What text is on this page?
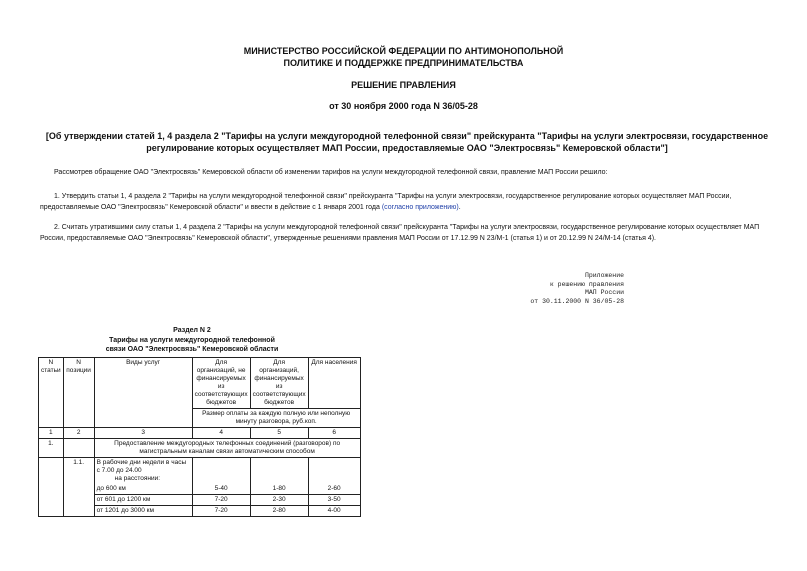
МИНИСТЕРСТВО РОССИЙСКОЙ ФЕДЕРАЦИИ ПО АНТИМОНОПОЛЬНОЙ
ПОЛИТИКЕ И ПОДДЕРЖКЕ ПРЕДПРИНИМАТЕЛЬСТВА
РЕШЕНИЕ ПРАВЛЕНИЯ
от 30 ноября 2000 года N 36/05-28
[Об утверждении статей 1, 4 раздела 2 "Тарифы на услуги междугородной телефонной связи" прейскуранта "Тарифы на услуги электросвязи, государственное
регулирование которых осуществляет МАП России, предоставляемые ОАО "Электросвязь" Кемеровской области"]
Рассмотрев обращение ОАО "Электросвязь" Кемеровской области об изменении тарифов на услуги междугородной телефонной связи, правление МАП России решило:
1. Утвердить статьи 1, 4 раздела 2 "Тарифы на услуги междугородной телефонной связи" прейскуранта "Тарифы на услуги электросвязи, государственное регулирование которых осуществляет МАП России, предоставляемые ОАО "Электросвязь" Кемеровской области" и ввести в действие с 1 января 2001 года (согласно приложению).
2. Считать утратившими силу статьи 1, 4 раздела 2 "Тарифы на услуги междугородной телефонной связи" прейскуранта "Тарифы на услуги электросвязи, государственное регулирование которых осуществляет МАП России, предоставляемые ОАО "Электросвязь" Кемеровской области", утвержденные решениями правления МАП России от 17.12.99 N 23/М-1 (статья 1) и от 20.12.99 N 24/М-14 (статья 4).
Приложение
к решению правления
МАП России
от 30.11.2000 N 36/05-28
Раздел N 2
Тарифы на услуги междугородной телефонной
связи ОАО "Электросвязь" Кемеровской области
N статьи	N позиции	Виды услуг	Для организаций, не финансируемых из соответствующих бюджетов	Для организаций, финансируемых из соответствующих бюджетов	Для населения
			Размер оплаты за каждую полную или неполную минуту разговора, руб.коп.		
1	2	3	4	5	6
1.		Предоставление междугородных телефонных соединений (разговоров) по магистральным каналам связи автоматическим способом			
	1.1.	В рабочие дни недели в часы с 7.00 до 24.00
на расстоянии:			

		до 600 км	5-40	1-80	2-60
		от 601 до 1200 км	7-20	2-30	3-50
		от 1201 до 3000 км	7-20	2-80	4-00
